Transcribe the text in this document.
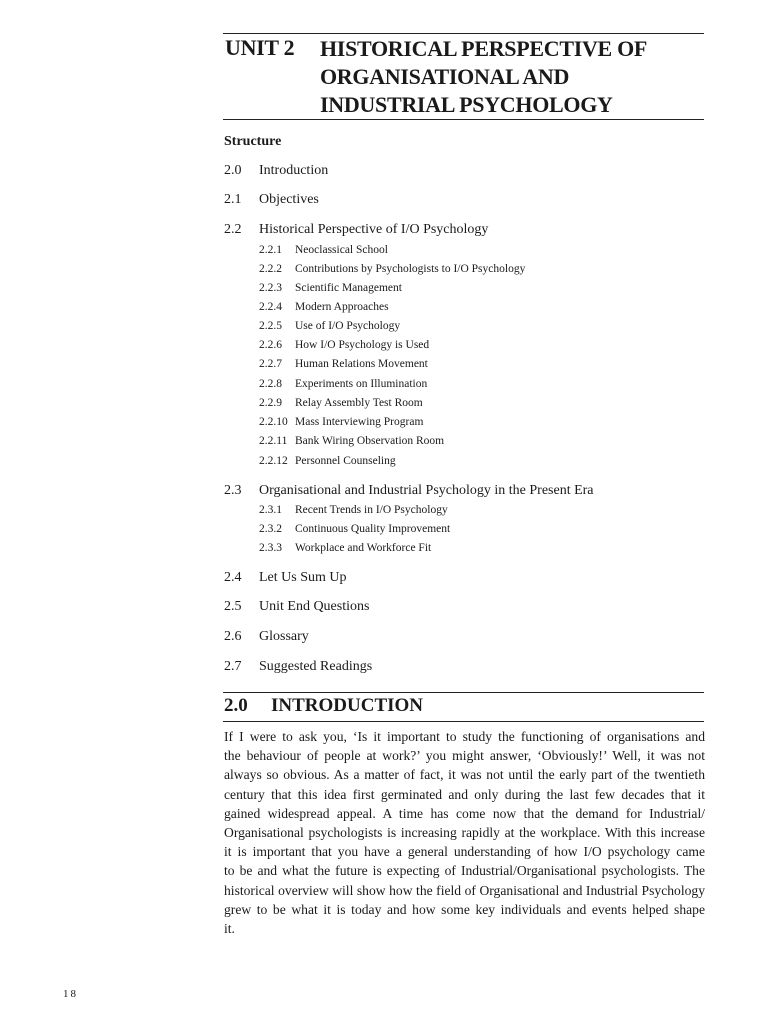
UNIT 2 HISTORICAL PERSPECTIVE OF
ORGANISATIONAL AND
INDUSTRIAL PSYCHOLOGY
Structure
2.0 Introduction
2.1 Objectives
2.2 Historical Perspective of I/O Psychology
2.2.1 Neoclassical School
2.2.2 Contributions by Psychologists to I/O Psychology
2.2.3 Scientific Management
2.2.4 Modern Approaches
2.2.5 Use of I/O Psychology
2.2.6 How I/O Psychology is Used
2.2.7 Human Relations Movement
2.2.8 Experiments on Illumination
2.2.9 Relay Assembly Test Room
2.2.10 Mass Interviewing Program
2.2.11 Bank Wiring Observation Room
2.2.12 Personnel Counseling
2.3 Organisational and Industrial Psychology in the Present Era
2.3.1 Recent Trends in I/O Psychology
2.3.2 Continuous Quality Improvement
2.3.3 Workplace and Workforce Fit
2.4 Let Us Sum Up
2.5 Unit End Questions
2.6 Glossary
2.7 Suggested Readings
2.0 INTRODUCTION
If I were to ask you, ‘Is it important to study the functioning of organisations and
the behaviour of people at work?’ you might answer, ‘Obviously!’ Well, it was not
always so obvious. As a matter of fact, it was not until the early part of the twentieth
century that this idea first germinated and only during the last few decades that it
gained widespread appeal. A time has come now that the demand for Industrial/
Organisational psychologists is increasing rapidly at the workplace. With this increase
it is important that you have a general understanding of how I/O psychology came
to be and what the future is expecting of Industrial/Organisational psychologists. The
historical overview will show how the field of Organisational and Industrial Psychology
grew to be what it is today and how some key individuals and events helped shape
it.
18
